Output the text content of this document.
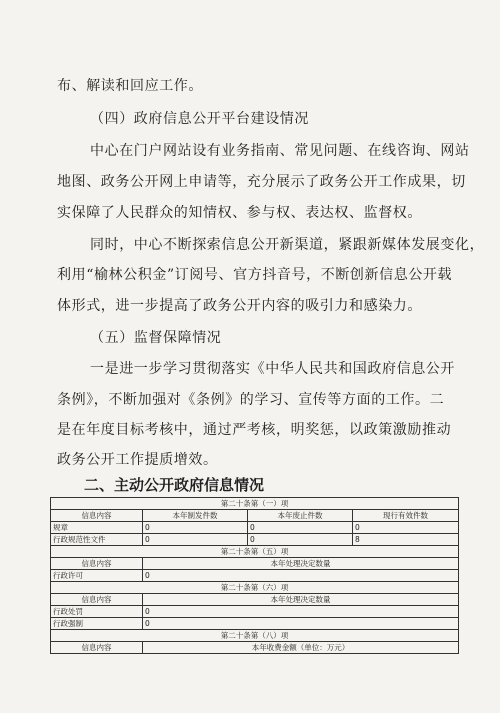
布、解读和回应工作。
（四）政府信息公开平台建设情况
中心在门户网站设有业务指南、常见问题、在线咨询、网站
地图、政务公开网上申请等，充分展示了政务公开工作成果，切
实保障了人民群众的知情权、参与权、表达权、监督权。
同时，中心不断探索信息公开新渠道，紧跟新媒体发展变化，
利用“榆林公积金”订阅号、官方抖音号，不断创新信息公开载
体形式，进一步提高了政务公开内容的吸引力和感染力。
（五）监督保障情况
一是进一步学习贯彻落实《中华人民共和国政府信息公开
条例》，不断加强对《条例》的学习、宣传等方面的工作。二
二、主动公开政府信息情况
第二十条第（一）项			
信息内容	本年制发件数	本年废止件数	现行有效件数
规章	0	0	0
行政规范性文件	0	0	8
第二十条第（五）项			
信息内容	本年处理决定数量		
行政许可	0		
第二十条第（六）项			
信息内容	本年处理决定数量		
行政处罚	0		
行政强制	0		
第二十条第（八）项			
信息内容	本年收费金额（单位：万元）		
是在年度目标考核中，通过严考核，明奖惩，以政策激励推动
政务公开工作提质增效。
